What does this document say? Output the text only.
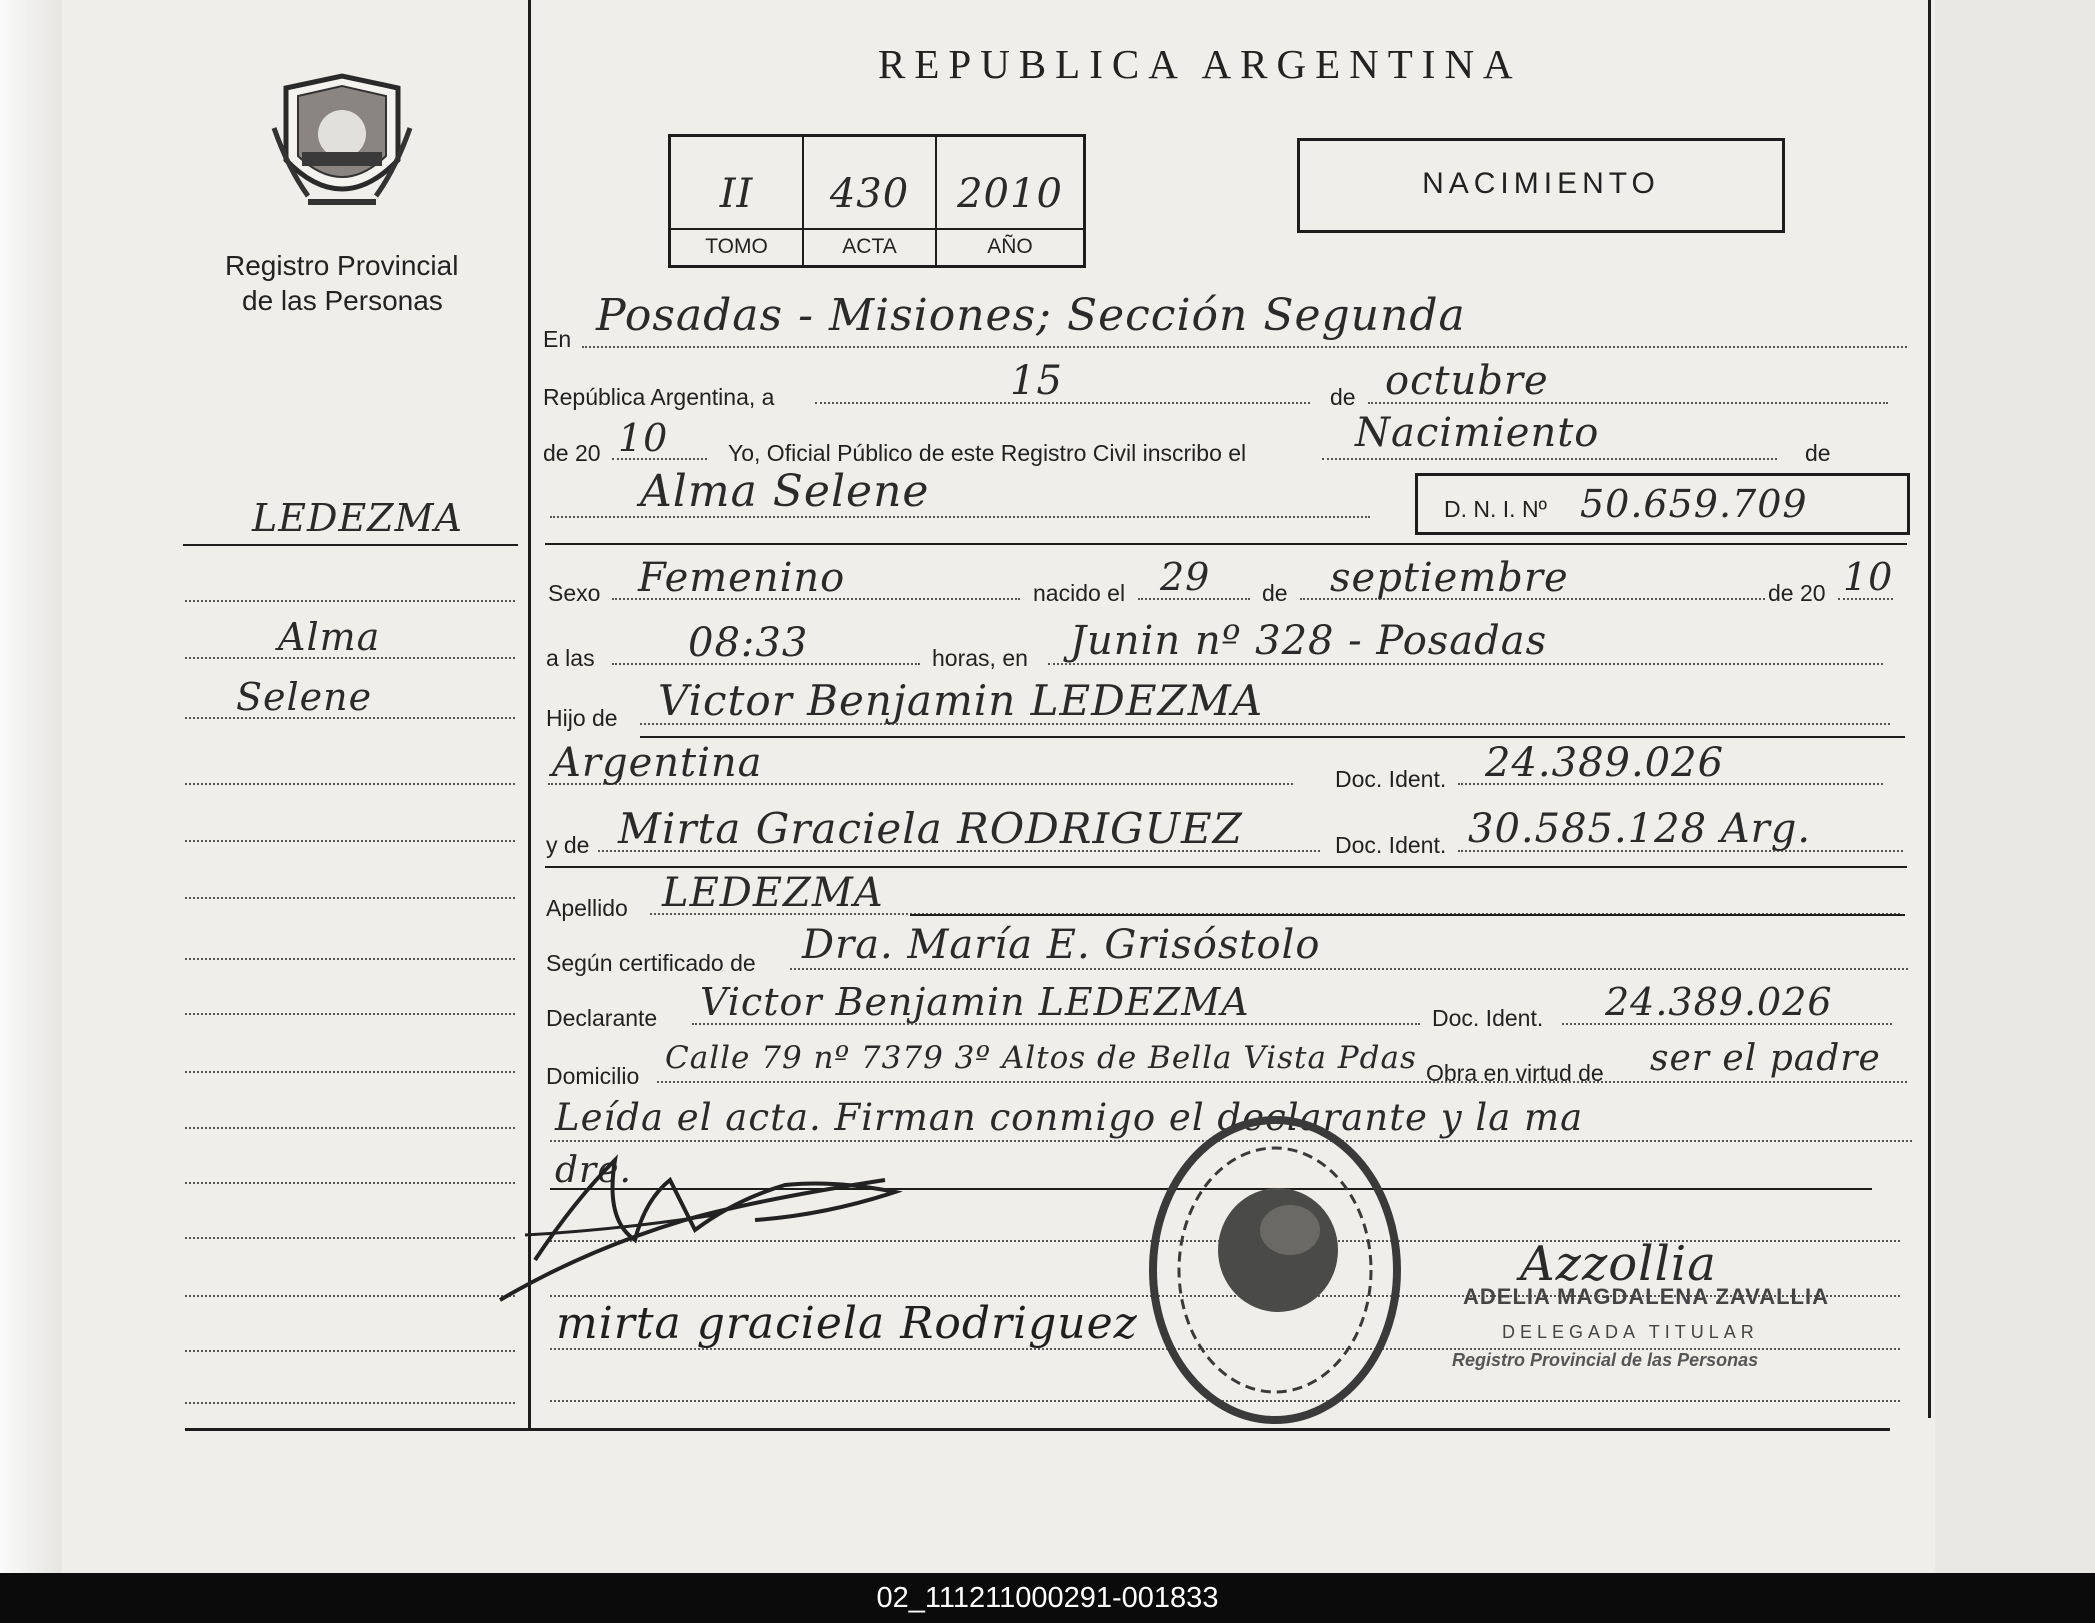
Registro Provincial
de las Personas
REPUBLICA ARGENTINA
II	430	2010
TOMO	ACTA	AÑO
NACIMIENTO
LEDEZMA
Alma
Selene
En Posadas - Misiones; Sección Segunda
República Argentina, a	15	de octubre
de 20 10	Yo, Oficial Público de este Registro Civil inscribo el	Nacimiento	de
Alma Selene	D. N. I. Nº 50.659.709
Sexo Femenino	nacido el 29 de septiembre	de 20 10
a las 08:33	horas, en Junin nº 328 - Posadas
Hijo de Victor Benjamin LEDEZMA
Argentina	Doc. Ident. 24.389.026
y de Mirta Graciela RODRIGUEZ	Doc. Ident. 30.585.128 Arg.
Apellido LEDEZMA
Según certificado de Dra. María E. Grisóstolo
Declarante Victor Benjamin LEDEZMA	Doc. Ident. 24.389.026
Domicilio Calle 79 nº 7379 3º Altos de Bella Vista Pdas Obra en virtud de ser el padre
Leída el acta. Firman conmigo el declarante y la ma
dre.
mirta graciela Rodriguez
Azzollia
ADELIA MAGDALENA ZAVALLIA
DELEGADA TITULAR
Registro Provincial de las Personas
02_111211000291-001833
